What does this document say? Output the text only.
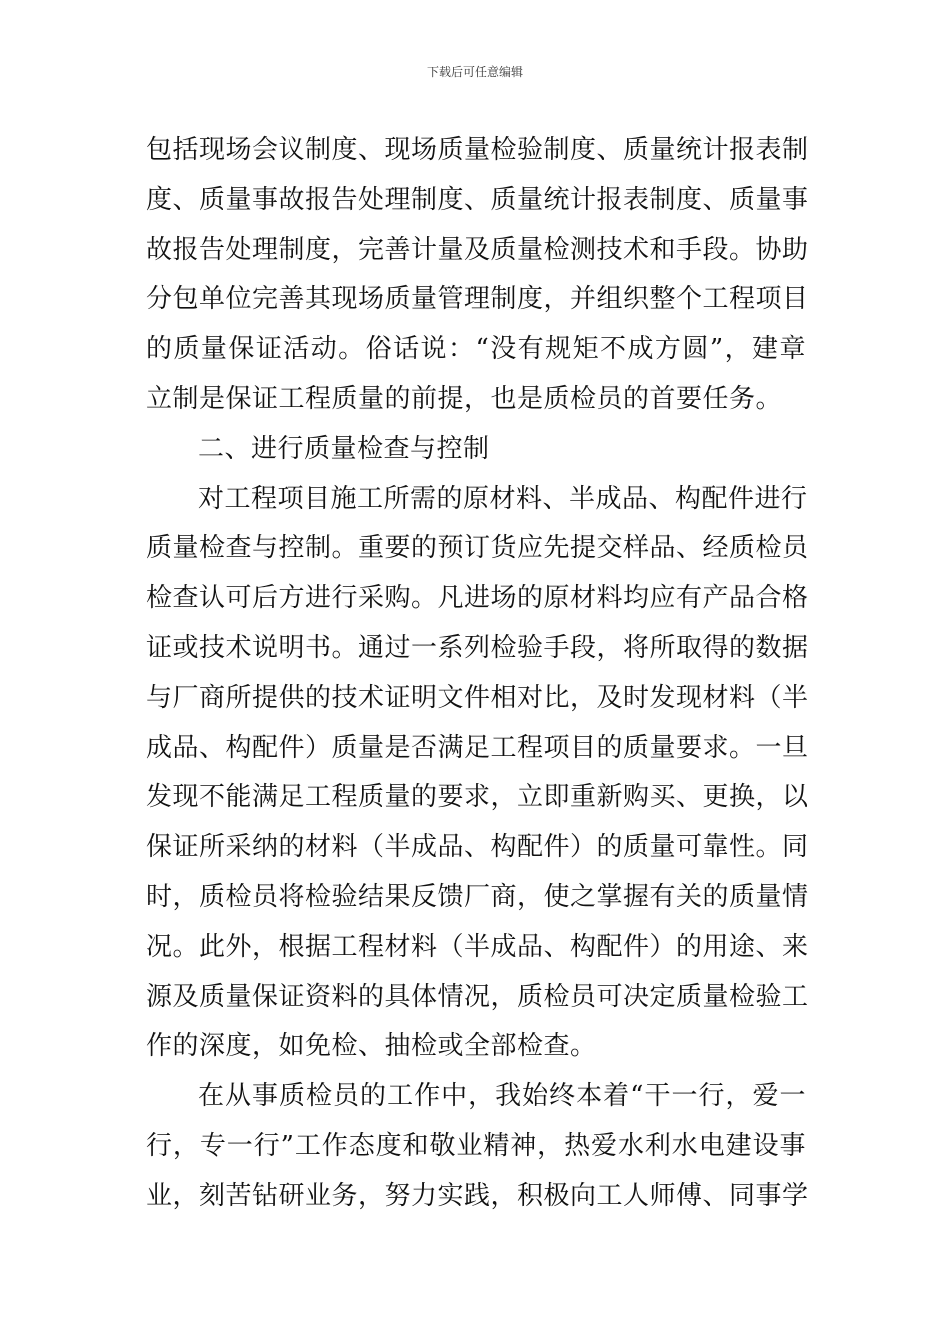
下载后可任意编辑
包括现场会议制度、现场质量检验制度、质量统计报表制
度、质量事故报告处理制度、质量统计报表制度、质量事
故报告处理制度，完善计量及质量检测技术和手段。协助
分包单位完善其现场质量管理制度，并组织整个工程项目
的质量保证活动。俗话说：“没有规矩不成方圆”，建章
立制是保证工程质量的前提，也是质检员的首要任务。
二、进行质量检查与控制
对工程项目施工所需的原材料、半成品、构配件进行
质量检查与控制。重要的预订货应先提交样品、经质检员
检查认可后方进行采购。凡进场的原材料均应有产品合格
证或技术说明书。通过一系列检验手段，将所取得的数据
与厂商所提供的技术证明文件相对比，及时发现材料（半
成品、构配件）质量是否满足工程项目的质量要求。一旦
发现不能满足工程质量的要求，立即重新购买、更换，以
保证所采纳的材料（半成品、构配件）的质量可靠性。同
时，质检员将检验结果反馈厂商，使之掌握有关的质量情
况。此外，根据工程材料（半成品、构配件）的用途、来
源及质量保证资料的具体情况，质检员可决定质量检验工
作的深度，如免检、抽检或全部检查。
在从事质检员的工作中，我始终本着“干一行，爱一
行，专一行”工作态度和敬业精神，热爱水利水电建设事
业，刻苦钻研业务，努力实践，积极向工人师傅、同事学
